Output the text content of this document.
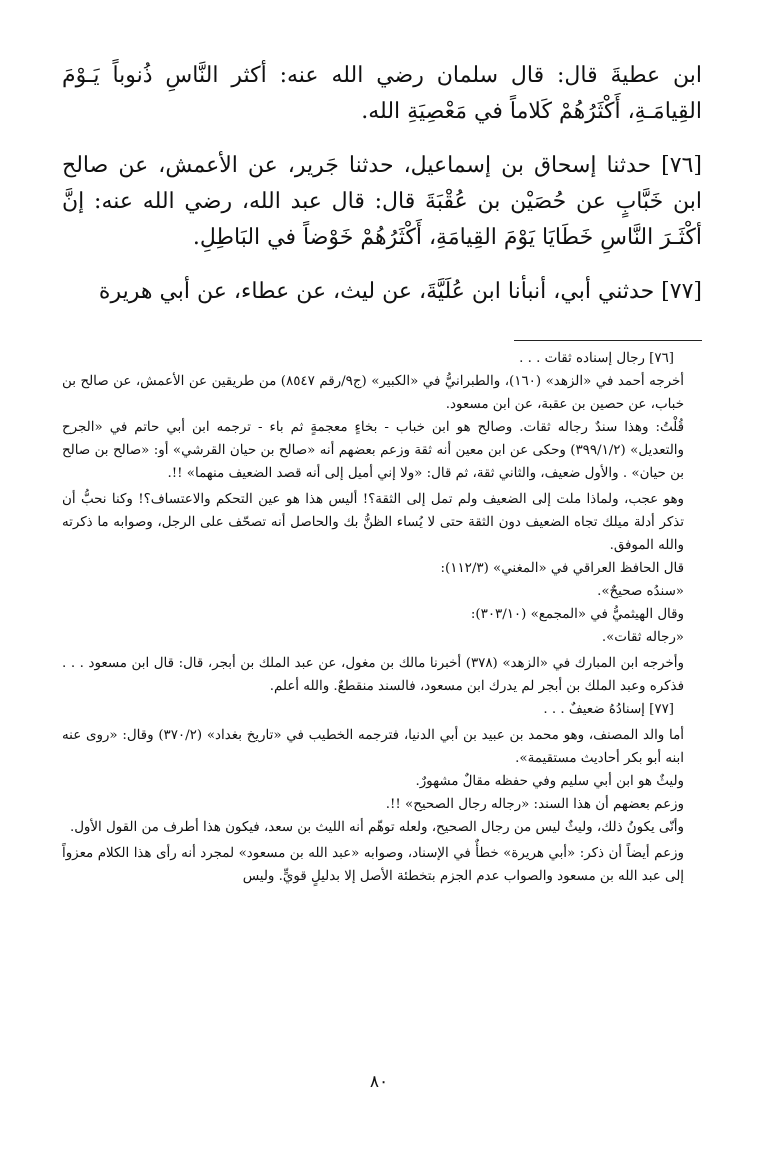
ابن عطيةَ قال: قال سلمان رضي الله عنه: أكثر النَّاسِ ذُنوباً يَـوْمَ القِيامَـةِ، أَكْثَرُهُمْ كَلاماً في مَعْصِيَةِ الله.

[٧٦] حدثنا إسحاق بن إسماعيل، حدثنا جَرير، عن الأعمش، عن صالح ابن خَبَّابٍ عن حُصَيْن بن عُقْبَةَ قال: قال عبد الله، رضي الله عنه: إنَّ أكْثَـرَ النَّاسِ خَطَايَا يَوْمَ القِيامَةِ، أَكْثَرُهُمْ خَوْضاً في البَاطِلِ.

[٧٧] حدثني أبي، أنبأنا ابن عُلَيَّةَ، عن ليث، عن عطاء، عن أبي هريرة

[٧٦] رجال إسناده ثقات . . .

أخرجه أحمد في «الزهد» (١٦٠)، والطبرانيُّ في «الكبير» (ج٩/رقم ٨٥٤٧) من طريقين عن الأعمش، عن صالح بن خباب، عن حصين بن عقبة، عن ابن مسعود.

قُلْتُ: وهذا سندٌ رجاله ثقات. وصالح هو ابن خباب - بخاءٍ معجمةٍ ثم باء - ترجمه ابن أبي حاتم في «الجرح والتعديل» (٣٩٩/١/٢) وحكى عن ابن معين أنه ثقة وزعم بعضهم أنه «صالح بن حيان القرشي» أو: «صالح بن صالح بن حيان» . والأول ضعيف، والثاني ثقة، ثم قال: «ولا إني أميل إلى أنه قصد الضعيف منهما» !!.

وهو عجب، ولماذا ملت إلى الضعيف ولم تمل إلى الثقة؟! أليس هذا هو عين التحكم والاعتساف؟! وكنا نحبُّ أن تذكر أدلة ميلك تجاه الضعيف دون الثقة حتى لا يُساء الظنُّ بك والحاصل أنه تصحّف على الرجل، وصوابه ما ذكرته والله الموفق.

قال الحافظ العراقي في «المغني» (١١٢/٣):

«سندُه صحيحٌ».

وقال الهيثميُّ في «المجمع» (٣٠٣/١٠):

«رجاله ثقات».

وأخرجه ابن المبارك في «الزهد» (٣٧٨) أخبرنا مالك بن مغول، عن عبد الملك بن أبجر، قال: قال ابن مسعود . . . فذكره وعبد الملك بن أبجر لم يدرك ابن مسعود، فالسند منقطعٌ. والله أعلم.

[٧٧] إسنادُهُ ضعيفٌ . . .

أما والد المصنف، وهو محمد بن عبيد بن أبي الدنيا، فترجمه الخطيب في «تاريخ بغداد» (٣٧٠/٢) وقال: «روى عنه ابنه أبو بكر أحاديث مستقيمة».

وليثٌ هو ابن أبي سليم وفي حفظه مقالٌ مشهورٌ.

وزعم بعضهم أن هذا السند: «رجاله رجال الصحيح» !!.

وأنّى يكونُ ذلك، وليثٌ ليس من رجال الصحيح، ولعله توهّم أنه الليث بن سعد، فيكون هذا أطرف من القول الأول.

وزعم أيضاً أن ذكر: «أبي هريرة» خطأٌ في الإسناد، وصوابه «عبد الله بن مسعود» لمجرد أنه رأى هذا الكلام معزواً إلى عبد الله بن مسعود والصواب عدم الجزم بتخطئة الأصل إلا بدليلٍ قويٍّ. وليس

٨٠
